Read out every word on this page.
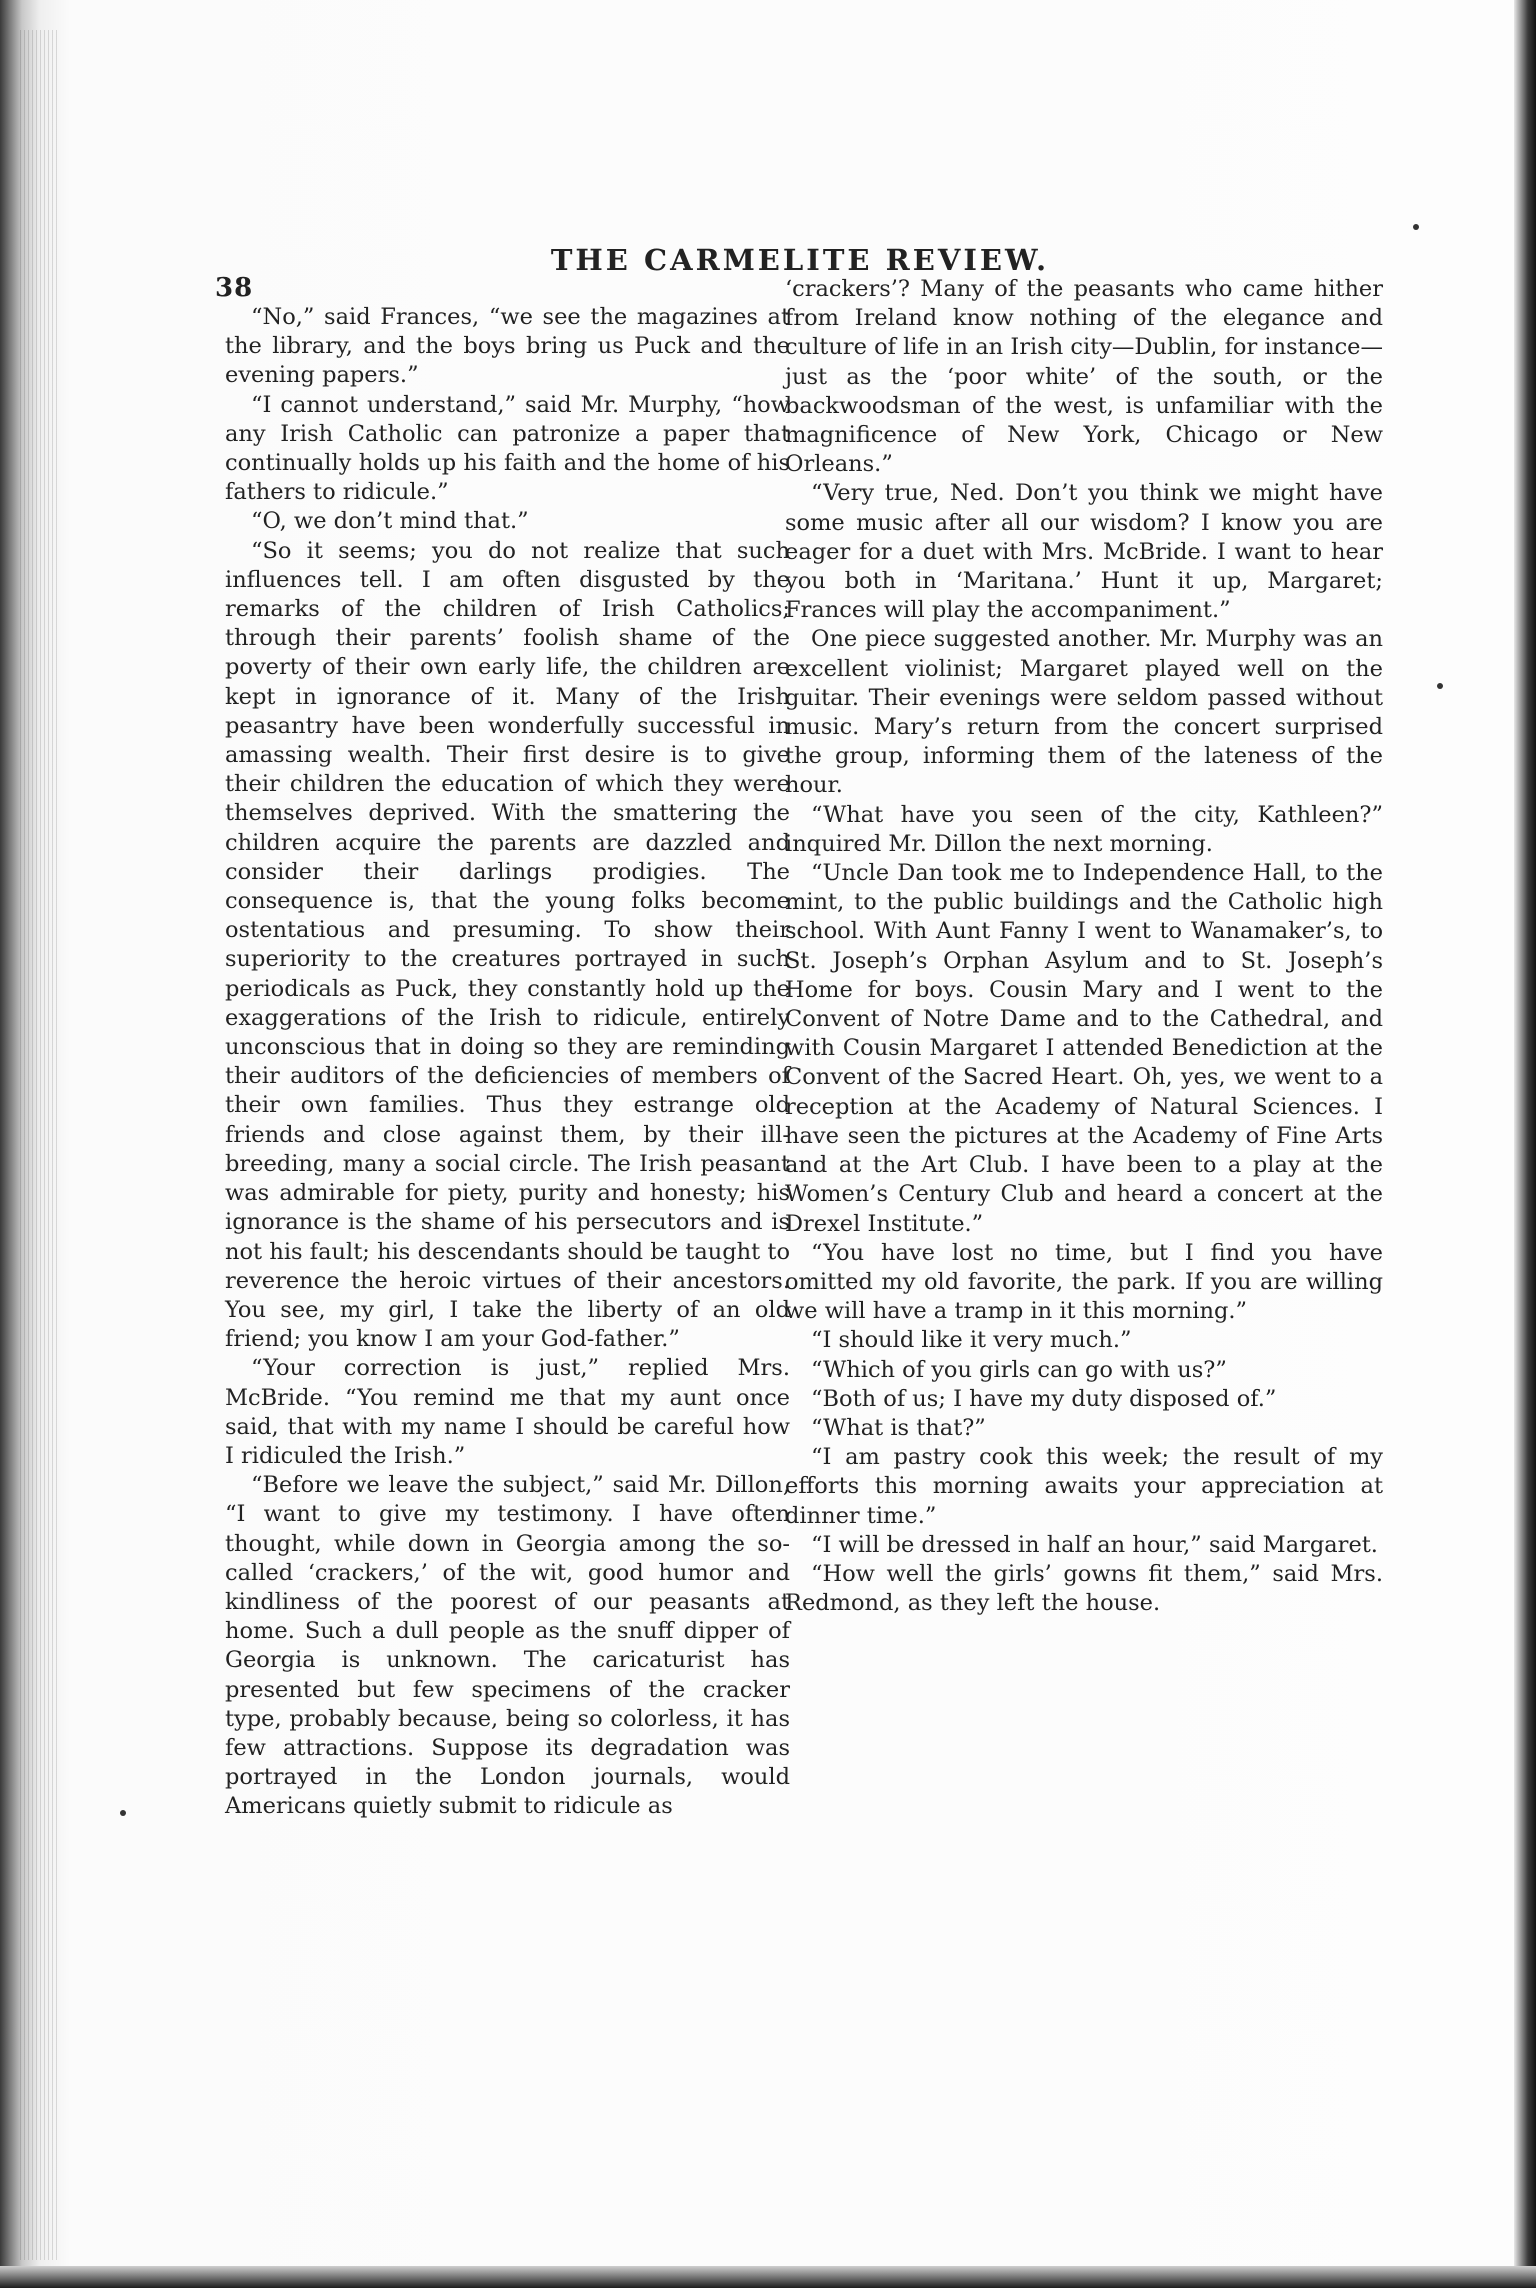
38
THE CARMELITE REVIEW.

“No,” said Frances, “we see the magazines at the library, and the boys bring us Puck and the evening papers.”

“I cannot understand,” said Mr. Murphy, “how any Irish Catholic can patronize a paper that continually holds up his faith and the home of his fathers to ridicule.”

“O, we don’t mind that.”

“So it seems; you do not realize that such influences tell. I am often disgusted by the remarks of the children of Irish Catholics; through their parents’ foolish shame of the poverty of their own early life, the children are kept in ignorance of it. Many of the Irish peasantry have been wonderfully successful in amassing wealth. Their first desire is to give their children the education of which they were themselves deprived. With the smattering the children acquire the parents are dazzled and consider their darlings prodigies. The consequence is, that the young folks become ostentatious and presuming. To show their superiority to the creatures portrayed in such periodicals as Puck, they constantly hold up the exaggerations of the Irish to ridicule, entirely unconscious that in doing so they are reminding their auditors of the deficiencies of members of their own families. Thus they estrange old friends and close against them, by their ill-breeding, many a social circle. The Irish peasant was admirable for piety, purity and honesty; his ignorance is the shame of his persecutors and is not his fault; his descendants should be taught to reverence the heroic virtues of their ancestors. You see, my girl, I take the liberty of an old friend; you know I am your God-father.”

“Your correction is just,” replied Mrs. McBride. “You remind me that my aunt once said, that with my name I should be careful how I ridiculed the Irish.”

“Before we leave the subject,” said Mr. Dillon, “I want to give my testimony. I have often thought, while down in Georgia among the so-called ‘crackers,’ of the wit, good humor and kindliness of the poorest of our peasants at home. Such a dull people as the snuff dipper of Georgia is unknown. The caricaturist has presented but few specimens of the cracker type, probably because, being so colorless, it has few attractions. Suppose its degradation was portrayed in the London journals, would Americans quietly submit to ridicule as

‘crackers’? Many of the peasants who came hither from Ireland know nothing of the elegance and culture of life in an Irish city—Dublin, for instance—just as the ‘poor white’ of the south, or the backwoodsman of the west, is unfamiliar with the magnificence of New York, Chicago or New Orleans.”

“Very true, Ned. Don’t you think we might have some music after all our wisdom? I know you are eager for a duet with Mrs. McBride. I want to hear you both in ‘Maritana.’ Hunt it up, Margaret; Frances will play the accompaniment.”

One piece suggested another. Mr. Murphy was an excellent violinist; Margaret played well on the guitar. Their evenings were seldom passed without music. Mary’s return from the concert surprised the group, informing them of the lateness of the hour.

“What have you seen of the city, Kathleen?” inquired Mr. Dillon the next morning.

“Uncle Dan took me to Independence Hall, to the mint, to the public buildings and the Catholic high school. With Aunt Fanny I went to Wanamaker’s, to St. Joseph’s Orphan Asylum and to St. Joseph’s Home for boys. Cousin Mary and I went to the Convent of Notre Dame and to the Cathedral, and with Cousin Margaret I attended Benediction at the Convent of the Sacred Heart. Oh, yes, we went to a reception at the Academy of Natural Sciences. I have seen the pictures at the Academy of Fine Arts and at the Art Club. I have been to a play at the Women’s Century Club and heard a concert at the Drexel Institute.”

“You have lost no time, but I find you have omitted my old favorite, the park. If you are willing we will have a tramp in it this morning.”

“I should like it very much.”

“Which of you girls can go with us?”

“Both of us; I have my duty disposed of.”

“What is that?”

“I am pastry cook this week; the result of my efforts this morning awaits your appreciation at dinner time.”

“I will be dressed in half an hour,” said Margaret.

“How well the girls’ gowns fit them,” said Mrs. Redmond, as they left the house.
